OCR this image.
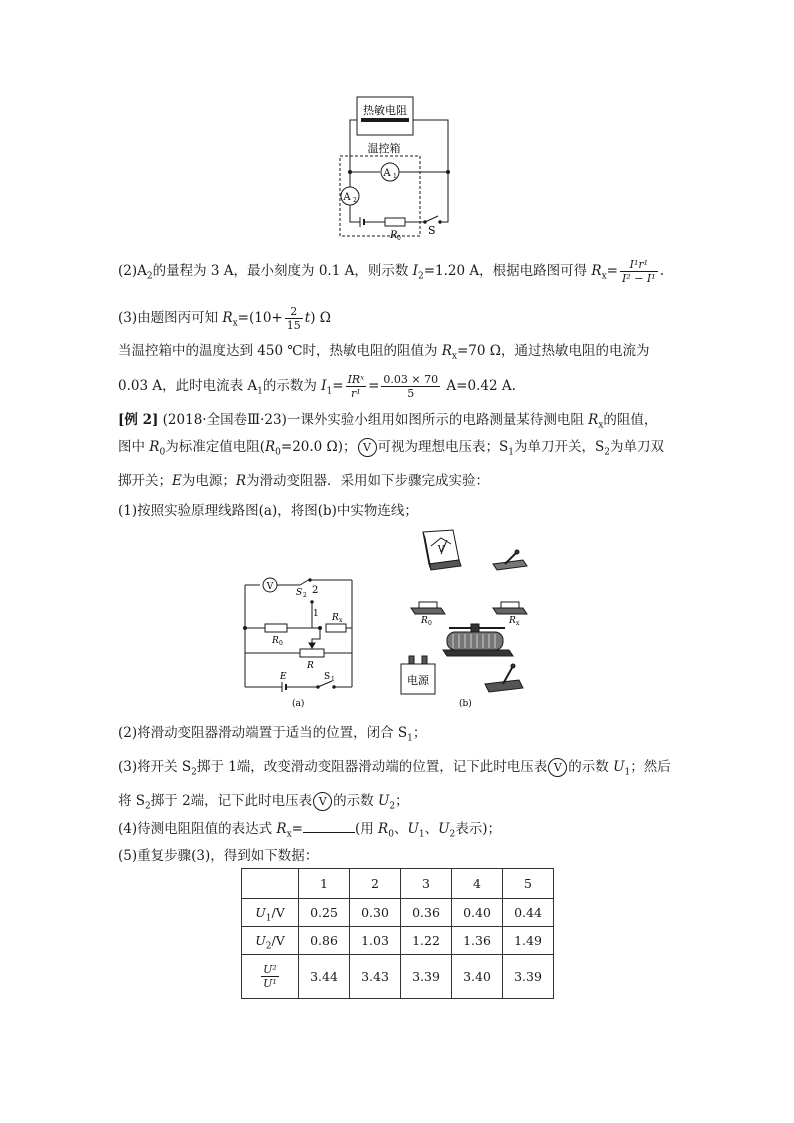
热敏电阻
温控箱
A 1
A 2
R 0
S
$(2)A_2$的量程为 3 A，最小刻度为 0.1 A，则示数 $I_2=1.20$ A，根据电路图可得 $R_x= \frac{\text{I¹r¹}}{\text{I² − I¹}}$ .
(3)由题图丙可知 $R_x=(10+ \frac{2}{15} t)$ Ω
当温控箱中的温度达到 450 ℃时，热敏电阻的阻值为 $R_x=70$ Ω，通过热敏电阻的电流为
0.03 A，此时电流表 $A_1$的示数为 $I_1= \frac{\text{IRˣ}}{\text{r¹}} = \frac{0.03 \times 70}{5} A=0.42$ A.
[例 2] (2018·全国卷Ⅲ·23)一课外实验小组用如图所示的电路测量某待测电阻 $R_x$的阻值，
图中 $R_0$为标准定值电阻($R_0=20.0$ Ω)； V 可视为理想电压表；$S_1$为单刀开关，$S_2$为单刀双
掷开关；E为电源；R为滑动变阻器．采用如下步骤完成实验：
(1)按照实验原理线路图(a)，将图(b)中实物连线；
V
S 2 2
1
R 0
R x
R
E	S 1
(a)
V
R 0	R x
电源
(b)
(2)将滑动变阻器滑动端置于适当的位置，闭合 $S_1$；
(3)将开关 $S_2$掷于 1端，改变滑动变阻器滑动端的位置，记下此时电压表 V 的示数 $U_1$；然后
将 $S_2$掷于 2端，记下此时电压表 V 的示数 $U_2$；
(4)待测电阻阻值的表达式 $R_x=$	(用 $R_0$、$U_1$、$U_2$表示)；
(5)重复步骤(3)，得到如下数据：
	1	2	3	4	5
$U_1/V$	0.25	0.30	0.36	0.40	0.44
$U_2/V$	0.86	1.03	1.22	1.36	1.49

$\frac{\text{U²}}{\text{U¹}}$	3.44	3.43	3.39	3.40	3.39
